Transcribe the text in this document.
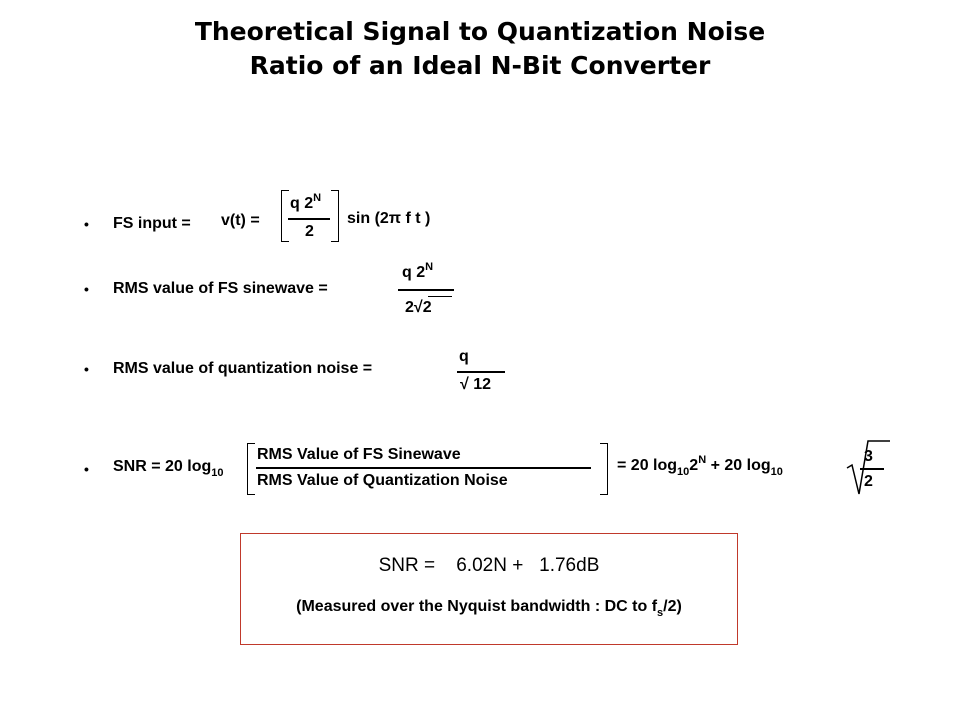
Theoretical Signal to Quantization Noise
Ratio of an Ideal N-Bit Converter
• FS input = v(t) =
q $2^N$
2
sin (2π f t )
• RMS value of FS sinewave =
q $2^N$
2√2
• RMS value of quantization noise =
q
√ 12
• SNR = 20 $\log_{10}$
RMS Value of FS Sinewave
RMS Value of Quantization Noise
= 20 $\log_{10}2^N + 20$ $\log_{10}$
3
2
SNR =    6.02N +   1.76dB
(Measured over the Nyquist bandwidth : DC to $f_s/2$)
